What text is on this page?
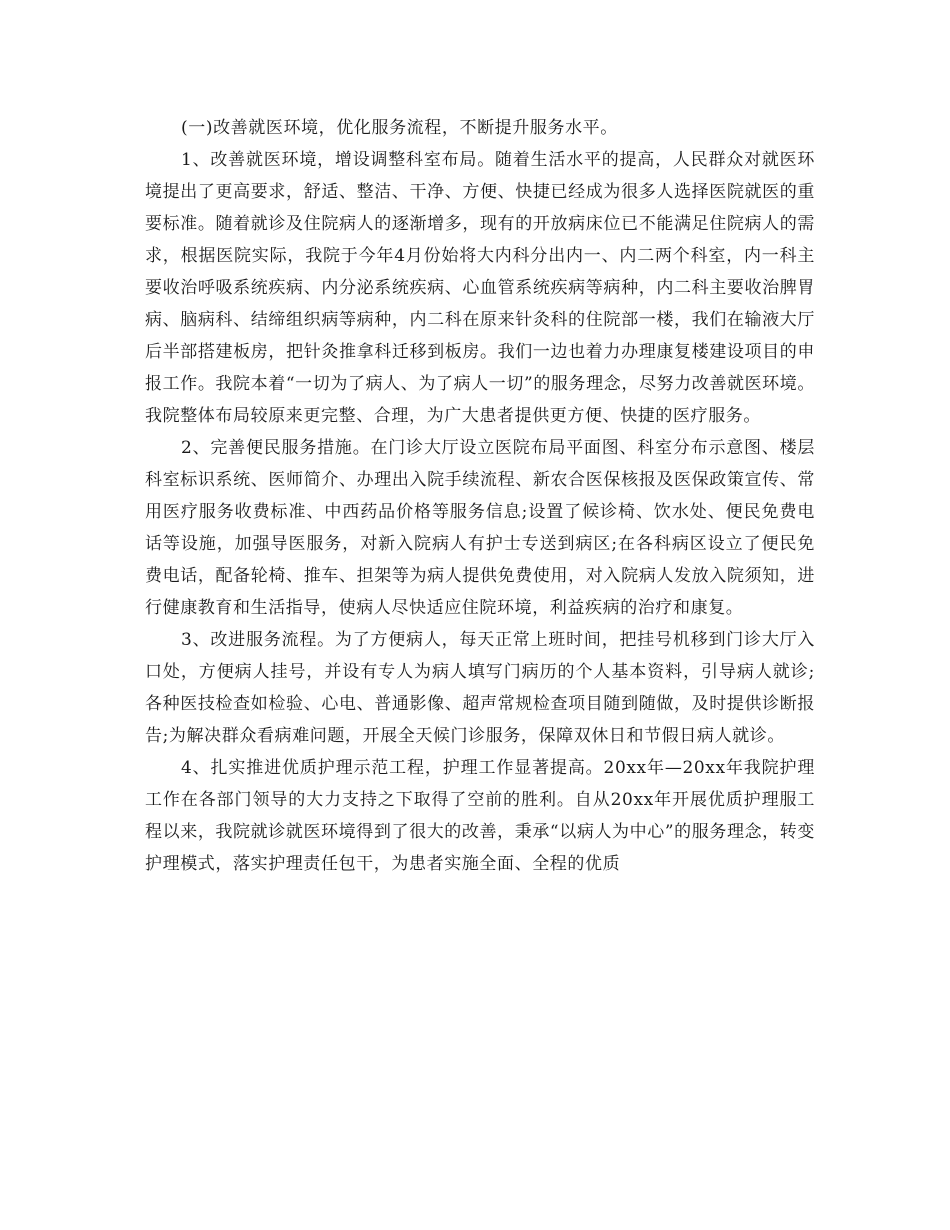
(一)改善就医环境，优化服务流程，不断提升服务水平。

1、改善就医环境，增设调整科室布局。随着生活水平的提高，人民群众对就医环境提出了更高要求，舒适、整洁、干净、方便、快捷已经成为很多人选择医院就医的重要标准。随着就诊及住院病人的逐渐增多，现有的开放病床位已不能满足住院病人的需求，根据医院实际，我院于今年4月份始将大内科分出内一、内二两个科室，内一科主要收治呼吸系统疾病、内分泌系统疾病、心血管系统疾病等病种，内二科主要收治脾胃病、脑病科、结缔组织病等病种，内二科在原来针灸科的住院部一楼，我们在输液大厅后半部搭建板房，把针灸推拿科迁移到板房。我们一边也着力办理康复楼建设项目的申报工作。我院本着“一切为了病人、为了病人一切”的服务理念，尽努力改善就医环境。我院整体布局较原来更完整、合理，为广大患者提供更方便、快捷的医疗服务。

2、完善便民服务措施。在门诊大厅设立医院布局平面图、科室分布示意图、楼层科室标识系统、医师简介、办理出入院手续流程、新农合医保核报及医保政策宣传、常用医疗服务收费标准、中西药品价格等服务信息;设置了候诊椅、饮水处、便民免费电话等设施，加强导医服务，对新入院病人有护士专送到病区;在各科病区设立了便民免费电话，配备轮椅、推车、担架等为病人提供免费使用，对入院病人发放入院须知，进行健康教育和生活指导，使病人尽快适应住院环境，利益疾病的治疗和康复。

3、改进服务流程。为了方便病人，每天正常上班时间，把挂号机移到门诊大厅入口处，方便病人挂号，并设有专人为病人填写门病历的个人基本资料，引导病人就诊;各种医技检查如检验、心电、普通影像、超声常规检查项目随到随做，及时提供诊断报告;为解决群众看病难问题，开展全天候门诊服务，保障双休日和节假日病人就诊。

4、扎实推进优质护理示范工程，护理工作显著提高。20xx年—20xx年我院护理工作在各部门领导的大力支持之下取得了空前的胜利。自从20xx年开展优质护理服工程以来，我院就诊就医环境得到了很大的改善，秉承“以病人为中心”的服务理念，转变护理模式，落实护理责任包干，为患者实施全面、全程的优质
